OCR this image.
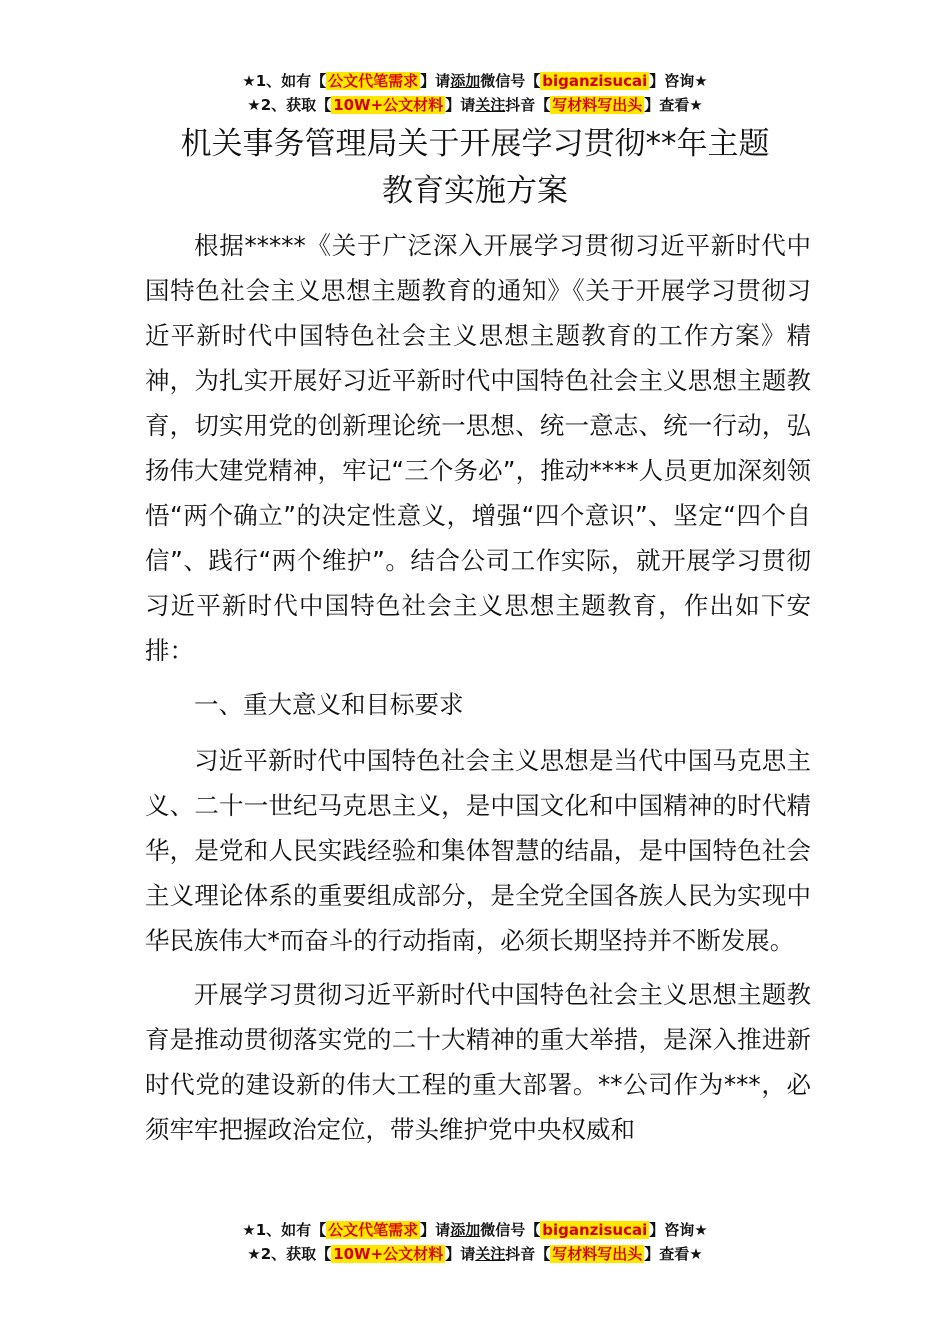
★1、如有【 公文代笔需求 】请添加微信号【 biganzisucai 】咨询★
★2、获取【 10W+公文材料 】请关注抖音【 写材料写出头 】查看★
机关事务管理局关于开展学习贯彻**年主题
教育实施方案

根据*****《关于广泛深入开展学习贯彻习近平新时代中国特色社会主义思想主题教育的通知》《关于开展学习贯彻习近平新时代中国特色社会主义思想主题教育的工作方案》精神，为扎实开展好习近平新时代中国特色社会主义思想主题教育，切实用党的创新理论统一思想、统一意志、统一行动，弘扬伟大建党精神，牢记“三个务必”，推动****人员更加深刻领悟“两个确立”的决定性意义，增强“四个意识”、坚定“四个自信”、践行“两个维护”。结合公司工作实际，就开展学习贯彻习近平新时代中国特色社会主义思想主题教育，作出如下安排：

一、重大意义和目标要求

习近平新时代中国特色社会主义思想是当代中国马克思主义、二十一世纪马克思主义，是中国文化和中国精神的时代精华，是党和人民实践经验和集体智慧的结晶，是中国特色社会主义理论体系的重要组成部分，是全党全国各族人民为实现中华民族伟大*而奋斗的行动指南，必须长期坚持并不断发展。

开展学习贯彻习近平新时代中国特色社会主义思想主题教育是推动贯彻落实党的二十大精神的重大举措，是深入推进新时代党的建设新的伟大工程的重大部署。**公司作为***，必须牢牢把握政治定位，带头维护党中央权威和

★1、如有【 公文代笔需求 】请添加微信号【 biganzisucai 】咨询★
★2、获取【 10W+公文材料 】请关注抖音【 写材料写出头 】查看★
